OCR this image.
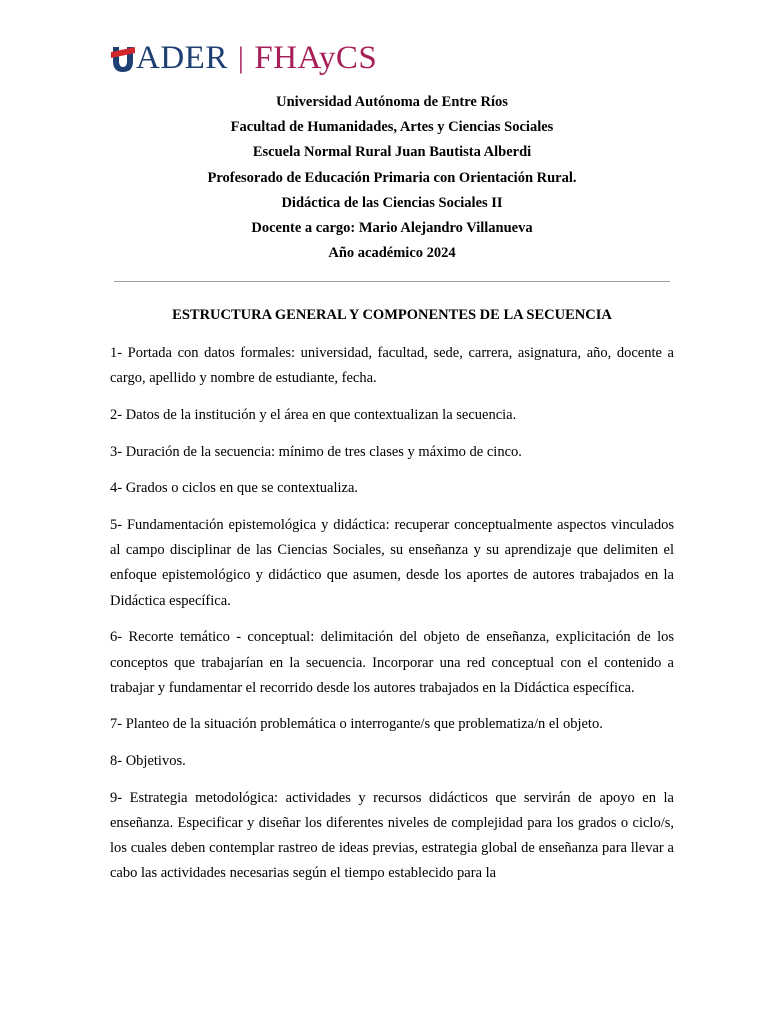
ADER | FHAyCS
Universidad Autónoma de Entre Ríos
Facultad de Humanidades, Artes y Ciencias Sociales
Escuela Normal Rural Juan Bautista Alberdi
Profesorado de Educación Primaria con Orientación Rural.
Didáctica de las Ciencias Sociales II
Docente a cargo: Mario Alejandro Villanueva
Año académico 2024
ESTRUCTURA GENERAL Y COMPONENTES DE LA SECUENCIA

1- Portada con datos formales: universidad, facultad, sede, carrera, asignatura, año, docente a cargo, apellido y nombre de estudiante, fecha.

2- Datos de la institución y el área en que contextualizan la secuencia.

3- Duración de la secuencia: mínimo de tres clases y máximo de cinco.

4- Grados o ciclos en que se contextualiza.

5- Fundamentación epistemológica y didáctica: recuperar conceptualmente aspectos vinculados al campo disciplinar de las Ciencias Sociales, su enseñanza y su aprendizaje que delimiten el enfoque epistemológico y didáctico que asumen, desde los aportes de autores trabajados en la Didáctica específica.

6- Recorte temático - conceptual: delimitación del objeto de enseñanza, explicitación de los conceptos que trabajarían en la secuencia. Incorporar una red conceptual con el contenido a trabajar y fundamentar el recorrido desde los autores trabajados en la Didáctica específica.

7- Planteo de la situación problemática o interrogante/s que problematiza/n el objeto.

8- Objetivos.

9- Estrategia metodológica: actividades y recursos didácticos que servirán de apoyo en la enseñanza. Especificar y diseñar los diferentes niveles de complejidad para los grados o ciclo/s, los cuales deben contemplar rastreo de ideas previas, estrategia global de enseñanza para llevar a cabo las actividades necesarias según el tiempo establecido para la
